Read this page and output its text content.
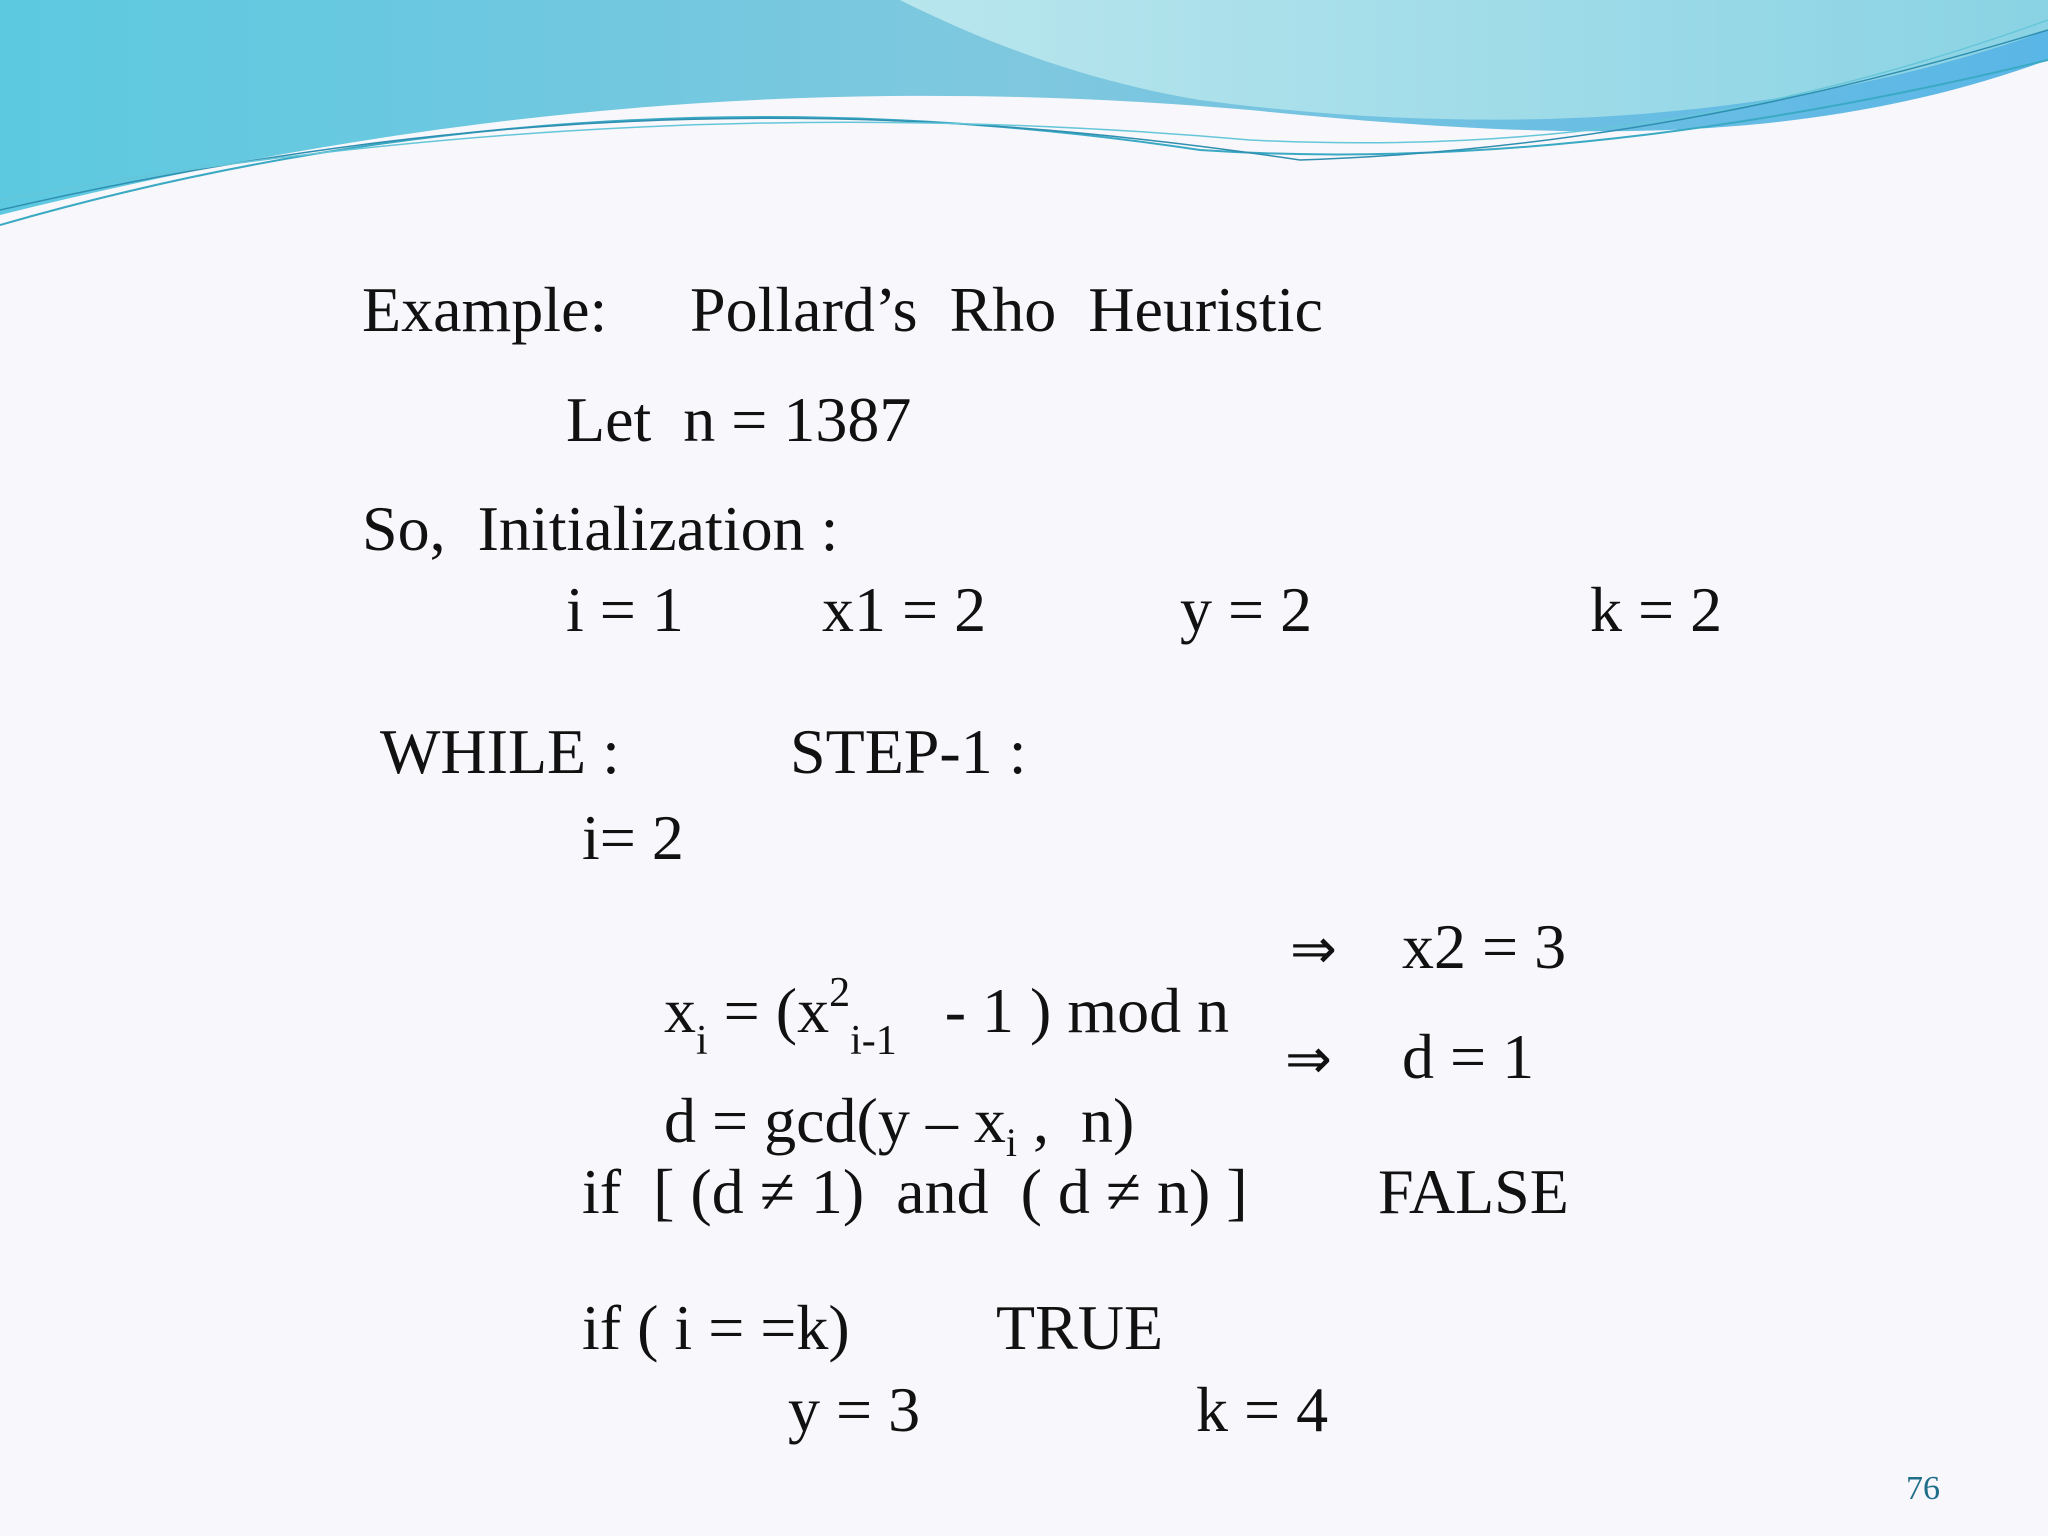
Example: Pollard’s  Rho  Heuristic
Let  n = 1387
So,  Initialization :
i = 1 x1 = 2	y = 2	k = 2
WHILE :	STEP-1 :
i= 2

$x_i = (x^2_{i-1} - 1$ ) mod n

⇒ x2 = 3

$d = \gcd(y - x_i$ ,  n)

⇒ d = 1
if  [ (d ≠ 1)  and  ( d ≠ n) ] FALSE
if ( i = =k) TRUE
y = 3	k = 4
76
